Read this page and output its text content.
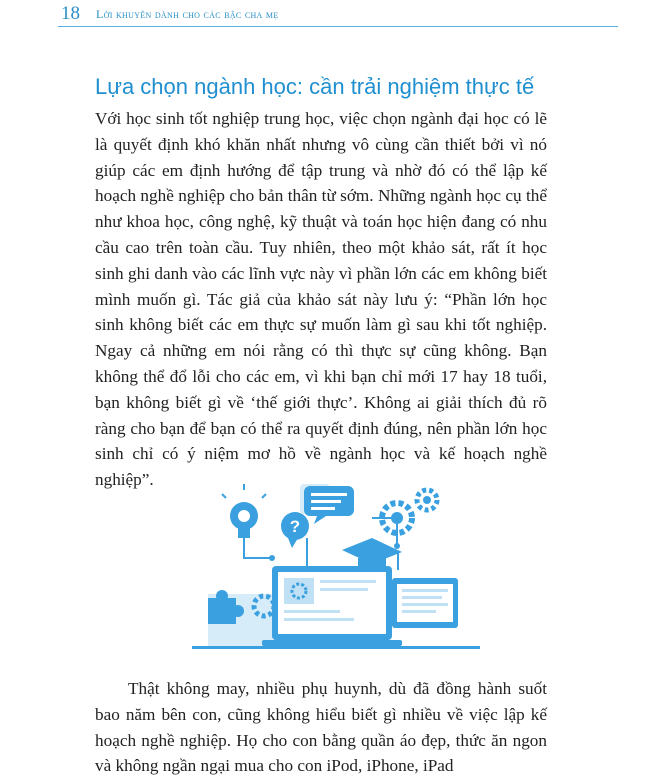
18 Lời khuyên dành cho các bậc cha mẹ
Lựa chọn ngành học: cần trải nghiệm thực tế

Với học sinh tốt nghiệp trung học, việc chọn ngành đại học có lẽ là quyết định khó khăn nhất nhưng vô cùng cần thiết bởi vì nó giúp các em định hướng để tập trung và nhờ đó có thể lập kế hoạch nghề nghiệp cho bản thân từ sớm. Những ngành học cụ thể như khoa học, công nghệ, kỹ thuật và toán học hiện đang có nhu cầu cao trên toàn cầu. Tuy nhiên, theo một khảo sát, rất ít học sinh ghi danh vào các lĩnh vực này vì phần lớn các em không biết mình muốn gì. Tác giả của khảo sát này lưu ý: “Phần lớn học sinh không biết các em thực sự muốn làm gì sau khi tốt nghiệp. Ngay cả những em nói rằng có thì thực sự cũng không. Bạn không thể đổ lỗi cho các em, vì khi bạn chỉ mới 17 hay 18 tuổi, bạn không biết gì về ‘thế giới thực’. Không ai giải thích đủ rõ ràng cho bạn để bạn có thể ra quyết định đúng, nên phần lớn học sinh chỉ có ý niệm mơ hồ về ngành học và kế hoạch nghề nghiệp”.

?

Thật không may, nhiều phụ huynh, dù đã đồng hành suốt bao năm bên con, cũng không hiểu biết gì nhiều về việc lập kế hoạch nghề nghiệp. Họ cho con bằng quần áo đẹp, thức ăn ngon và không ngần ngại mua cho con iPod, iPhone, iPad
